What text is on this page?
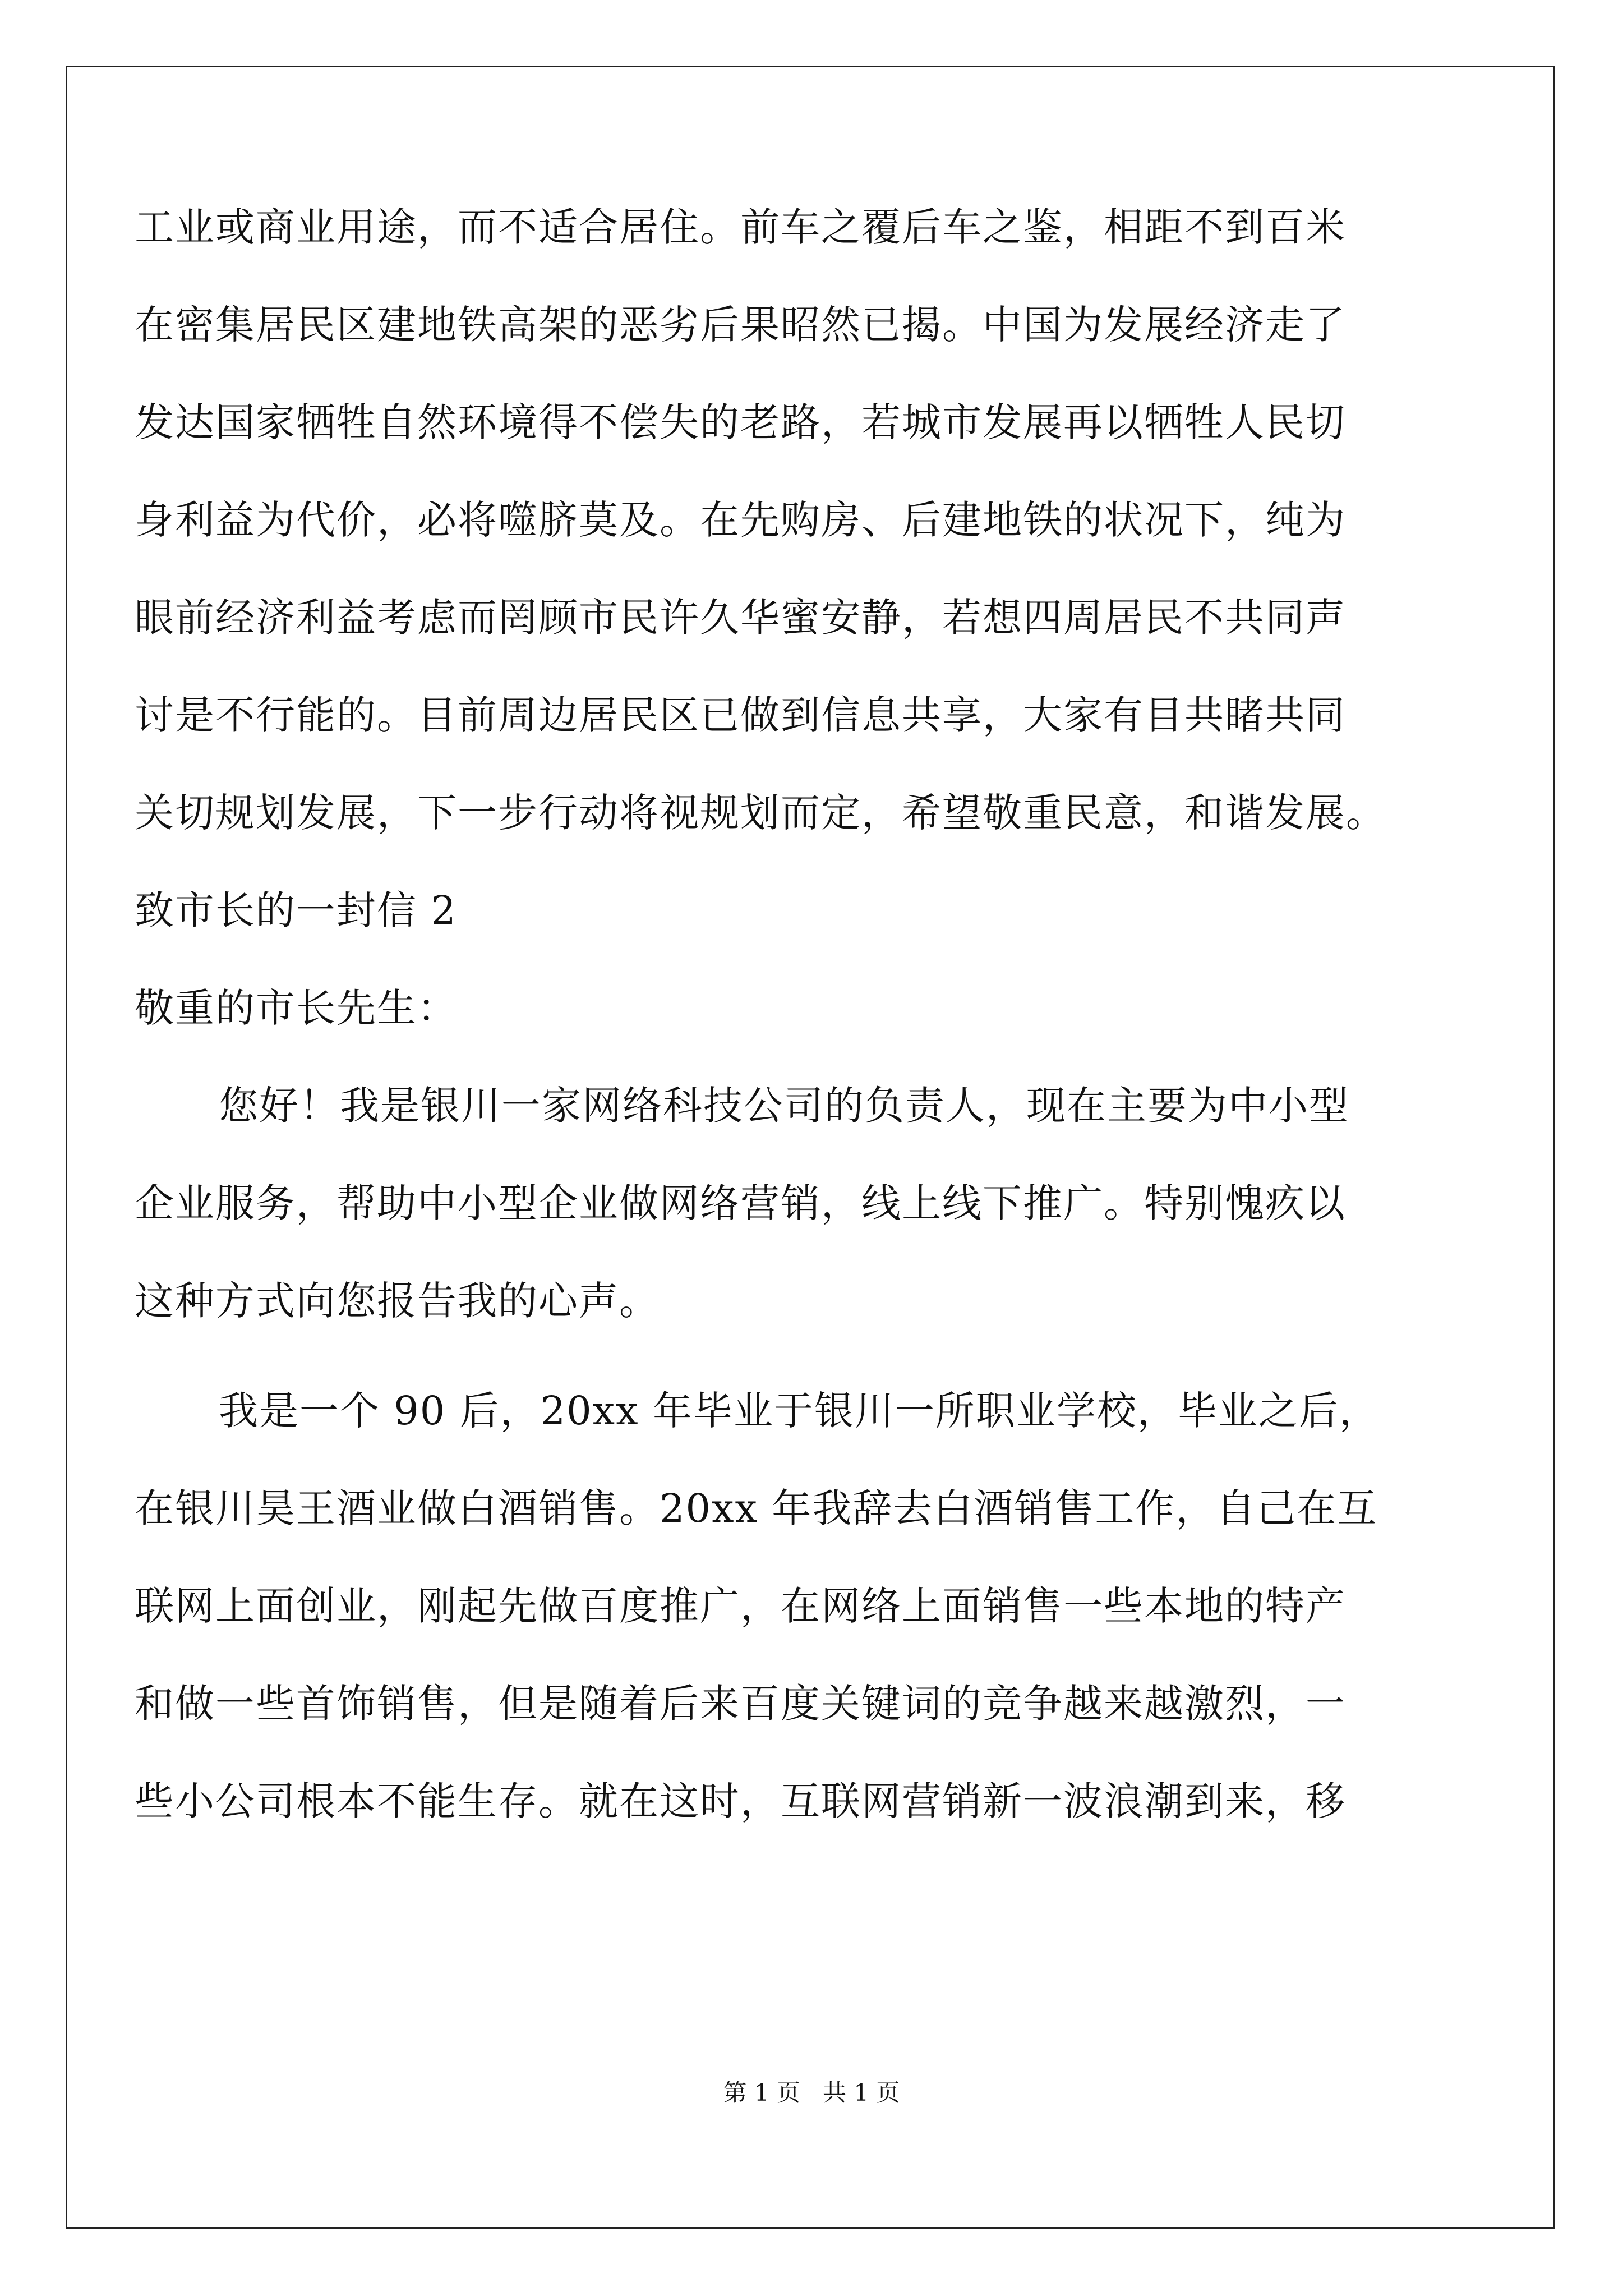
工业或商业用途，而不适合居住。前车之覆后车之鉴，相距不到百米
在密集居民区建地铁高架的恶劣后果昭然已揭。中国为发展经济走了
发达国家牺牲自然环境得不偿失的老路，若城市发展再以牺牲人民切
身利益为代价，必将噬脐莫及。在先购房、后建地铁的状况下，纯为
眼前经济利益考虑而罔顾市民许久华蜜安静，若想四周居民不共同声
讨是不行能的。目前周边居民区已做到信息共享，大家有目共睹共同
关切规划发展，下一步行动将视规划而定，希望敬重民意，和谐发展。
致市长的一封信 2
敬重的市长先生：
您好！我是银川一家网络科技公司的负责人，现在主要为中小型
企业服务，帮助中小型企业做网络营销，线上线下推广。特别愧疚以
这种方式向您报告我的心声。
我是一个 90 后，20xx 年毕业于银川一所职业学校，毕业之后，
在银川昊王酒业做白酒销售。20xx 年我辞去白酒销售工作，自己在互
联网上面创业，刚起先做百度推广，在网络上面销售一些本地的特产
和做一些首饰销售，但是随着后来百度关键词的竞争越来越激烈，一
些小公司根本不能生存。就在这时，互联网营销新一波浪潮到来，移
第 1 页   共 1 页
